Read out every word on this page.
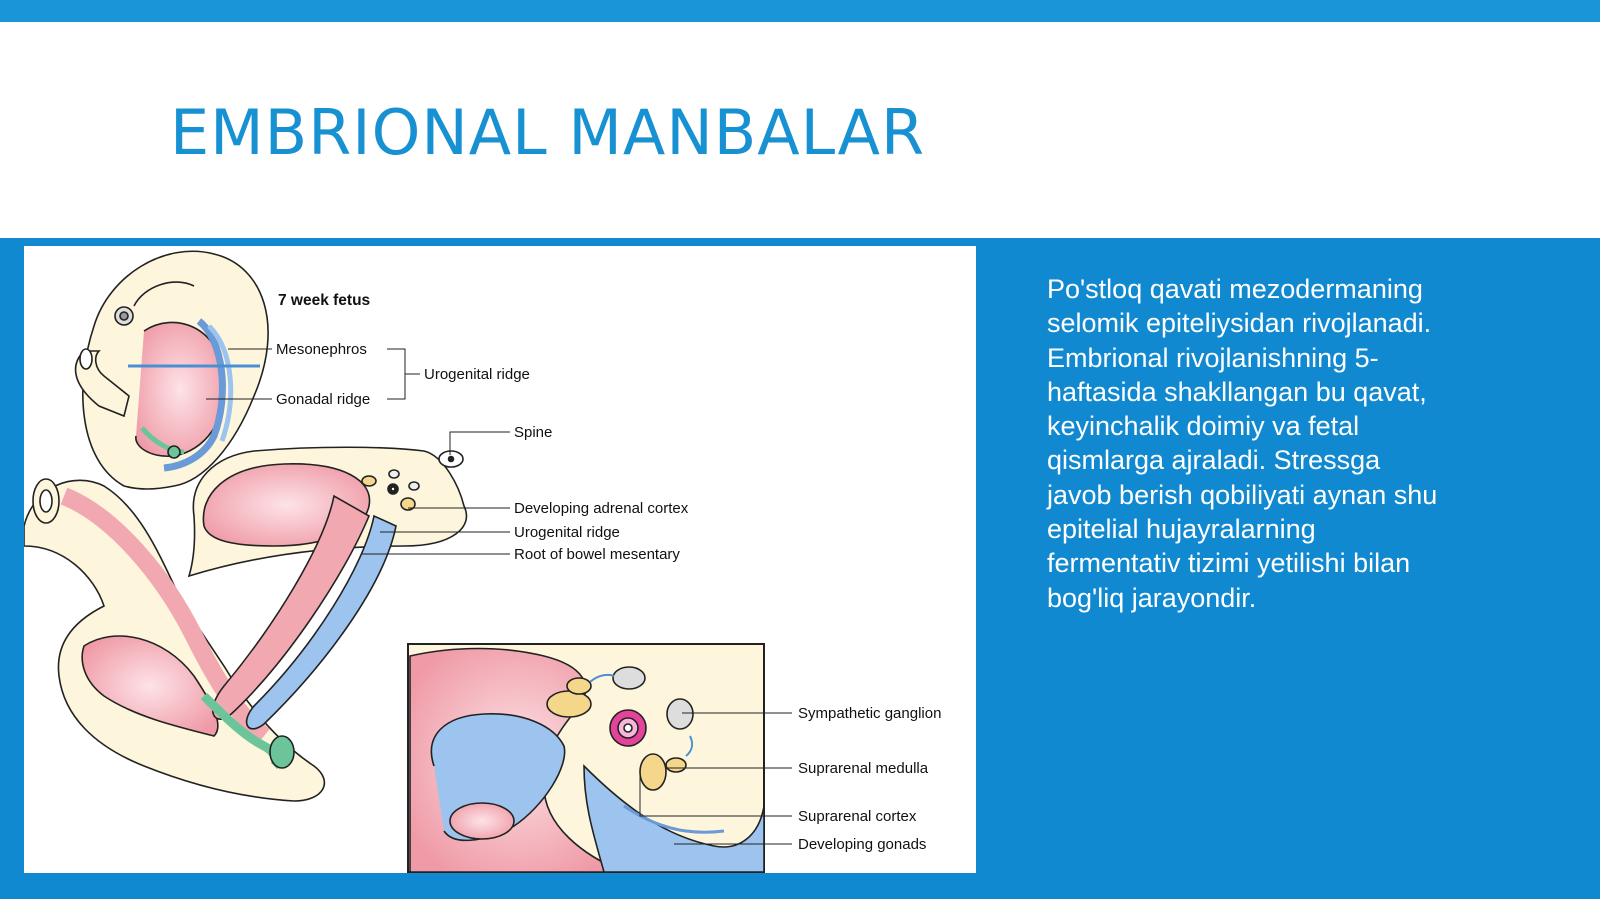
EMBRIONAL MANBALAR
7 week fetus
Mesonephros
Gonadal ridge
Urogenital ridge
Spine
Developing adrenal cortex
Urogenital ridge
Root of bowel mesentary
Sympathetic ganglion
Suprarenal medulla
Suprarenal cortex
Developing gonads

Po'stloq qavati mezodermaning selomik epiteliysidan rivojlanadi. Embrional rivojlanishning 5-haftasida shakllangan bu qavat, keyinchalik doimiy va fetal qismlarga ajraladi. Stressga javob berish qobiliyati aynan shu epitelial hujayralarning fermentativ tizimi yetilishi bilan bog'liq jarayondir.
